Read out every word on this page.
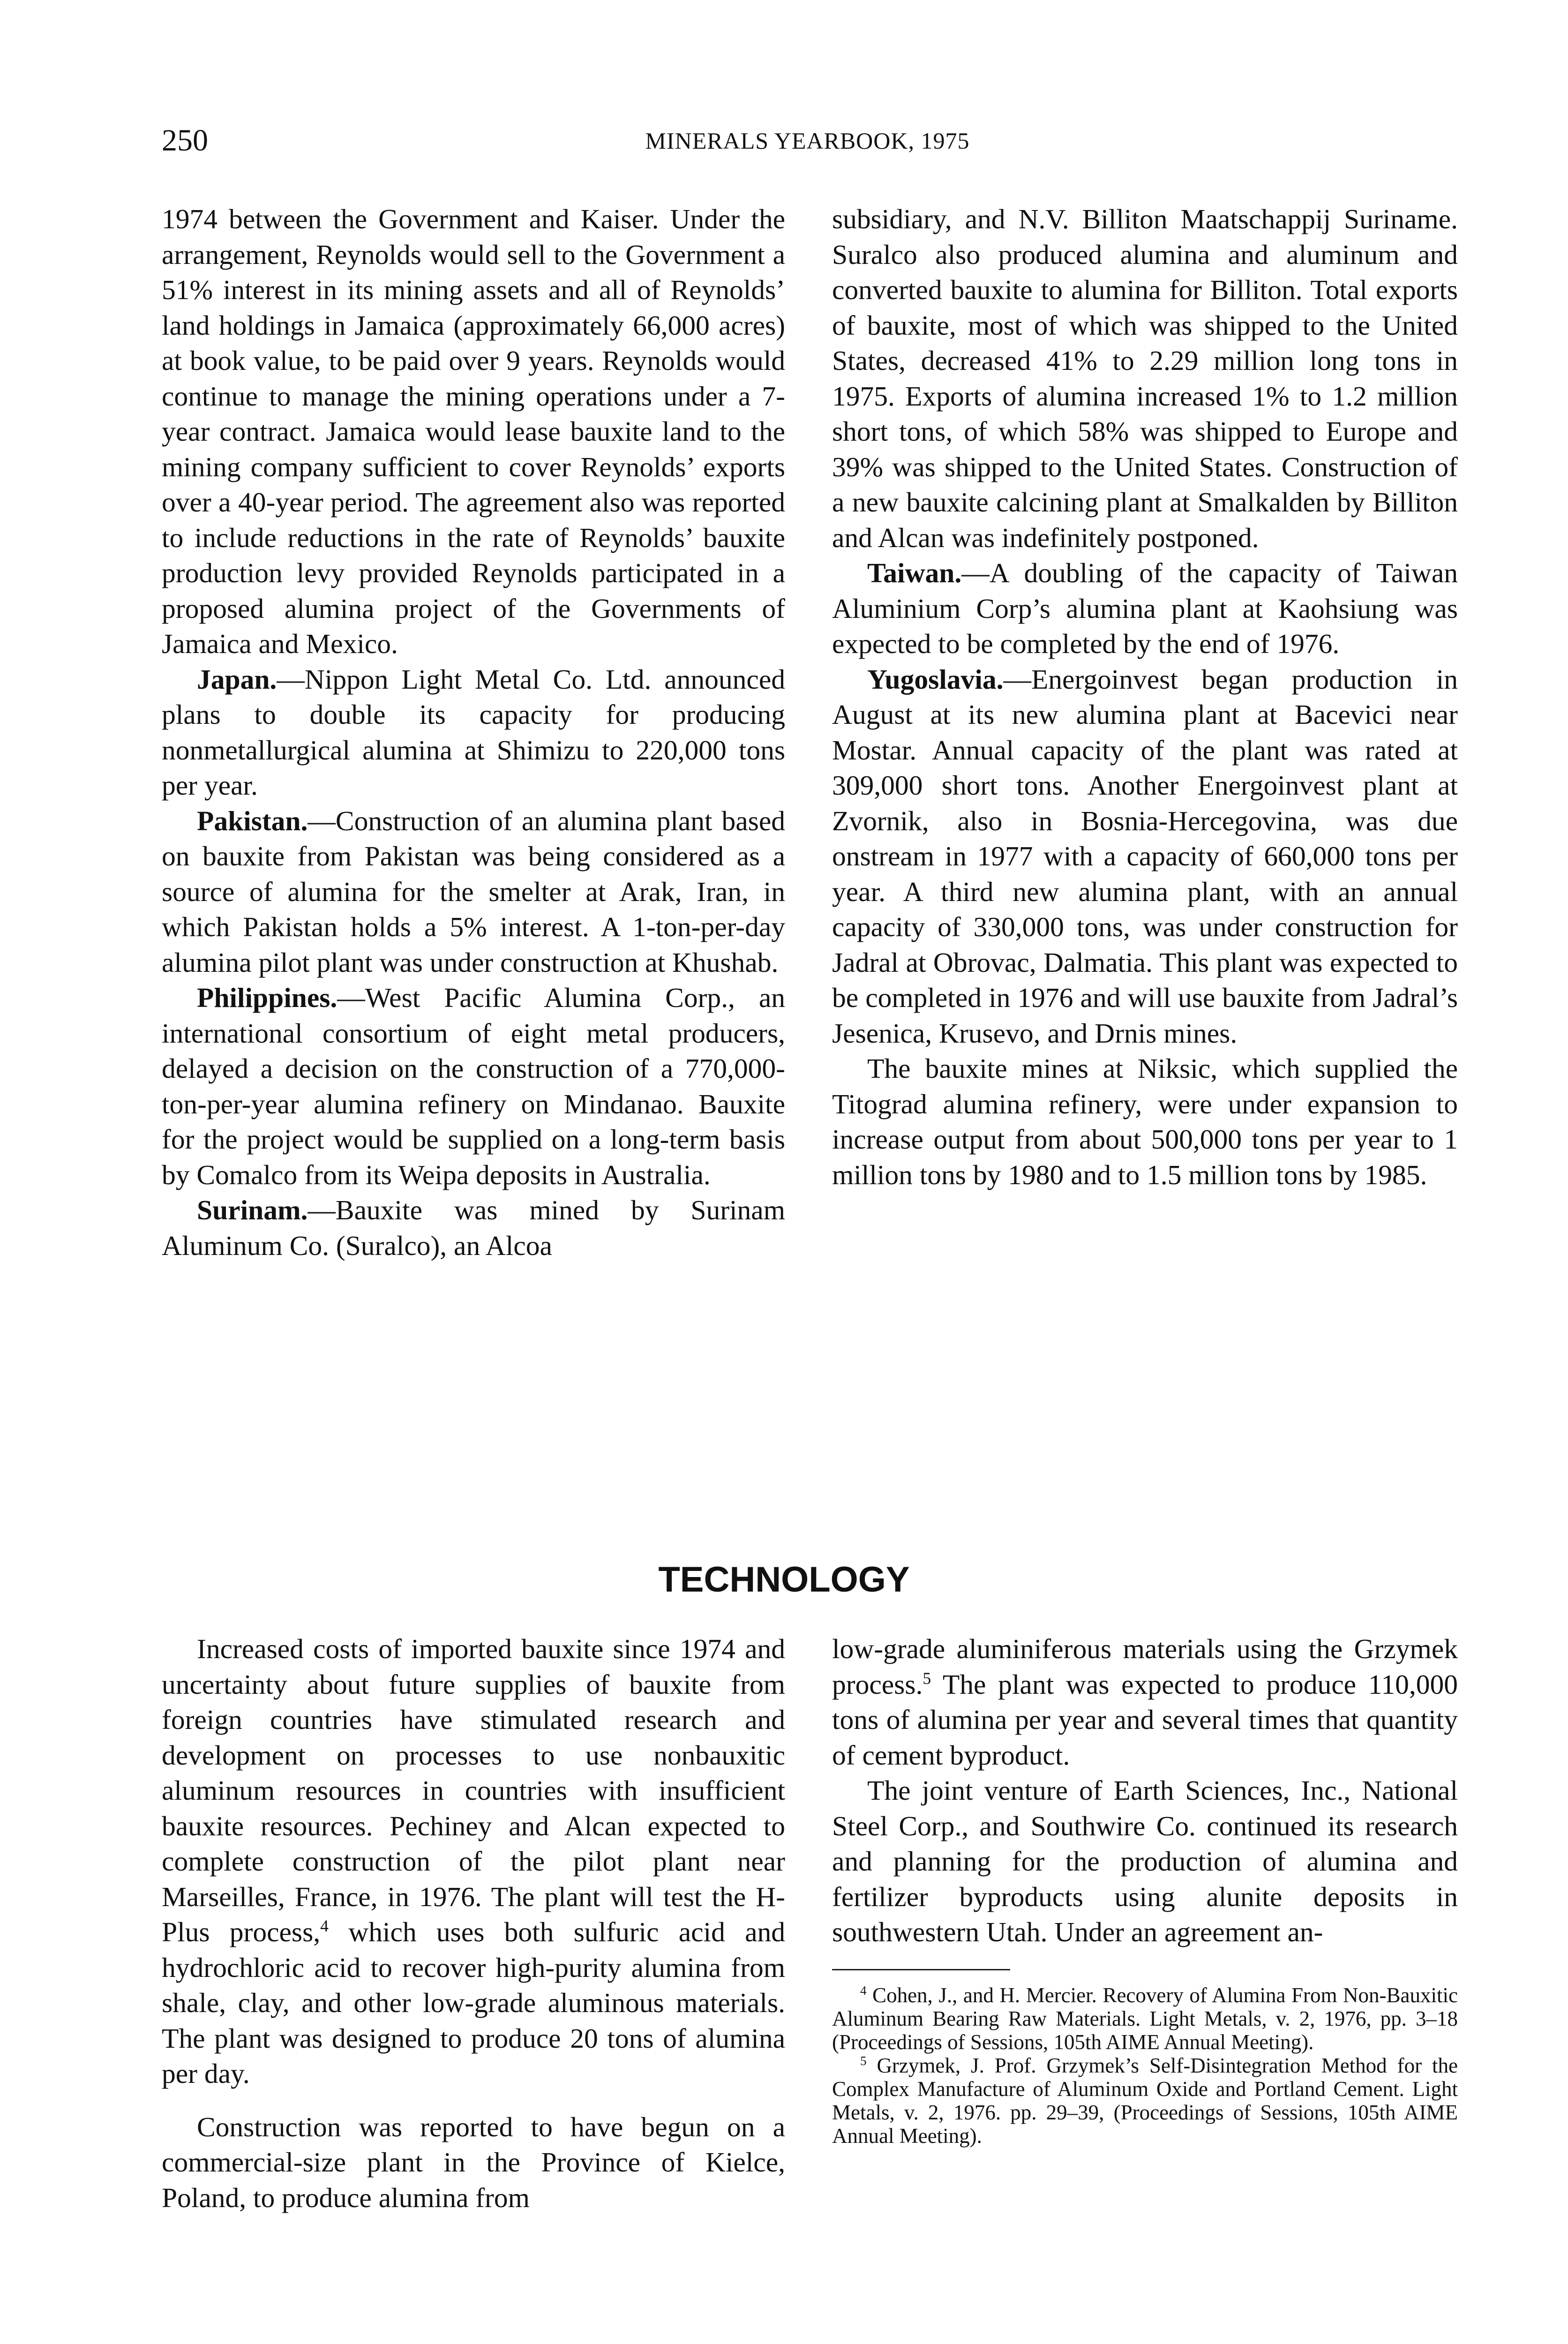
250	MINERALS YEARBOOK, 1975

1974 between the Government and Kaiser. Under the arrangement, Reynolds would sell to the Government a 51% interest in its mining assets and all of Reynolds’ land holdings in Jamaica (approximately 66,000 acres) at book value, to be paid over 9 years. Reynolds would continue to manage the mining operations under a 7-year contract. Jamaica would lease bauxite land to the mining company sufficient to cover Reynolds’ exports over a 40-year period. The agreement also was reported to include reductions in the rate of Reynolds’ bauxite production levy provided Reynolds participated in a proposed alumina project of the Governments of Jamaica and Mexico.

Japan.—Nippon Light Metal Co. Ltd. announced plans to double its capacity for producing nonmetallurgical alumina at Shimizu to 220,000 tons per year.

Pakistan.—Construction of an alumina plant based on bauxite from Pakistan was being considered as a source of alumina for the smelter at Arak, Iran, in which Pakistan holds a 5% interest. A 1-ton-per-day alumina pilot plant was under construction at Khushab.

Philippines.—West Pacific Alumina Corp., an international consortium of eight metal producers, delayed a decision on the construction of a 770,000-ton-per-year alumina refinery on Mindanao. Bauxite for the project would be supplied on a long-term basis by Comalco from its Weipa deposits in Australia.

Surinam.—Bauxite was mined by Surinam Aluminum Co. (Suralco), an Alcoa

subsidiary, and N.V. Billiton Maatschappij Suriname. Suralco also produced alumina and aluminum and converted bauxite to alumina for Billiton. Total exports of bauxite, most of which was shipped to the United States, decreased 41% to 2.29 million long tons in 1975. Exports of alumina increased 1% to 1.2 million short tons, of which 58% was shipped to Europe and 39% was shipped to the United States. Construction of a new bauxite calcining plant at Smalkalden by Billiton and Alcan was indefinitely postponed.

Taiwan.—A doubling of the capacity of Taiwan Aluminium Corp’s alumina plant at Kaohsiung was expected to be completed by the end of 1976.

Yugoslavia.—Energoinvest began production in August at its new alumina plant at Bacevici near Mostar. Annual capacity of the plant was rated at 309,000 short tons. Another Energoinvest plant at Zvornik, also in Bosnia-Hercegovina, was due onstream in 1977 with a capacity of 660,000 tons per year. A third new alumina plant, with an annual capacity of 330,000 tons, was under construction for Jadral at Obrovac, Dalmatia. This plant was expected to be completed in 1976 and will use bauxite from Jadral’s Jesenica, Krusevo, and Drnis mines.

The bauxite mines at Niksic, which supplied the Titograd alumina refinery, were under expansion to increase output from about 500,000 tons per year to 1 million tons by 1980 and to 1.5 million tons by 1985.

TECHNOLOGY

Increased costs of imported bauxite since 1974 and uncertainty about future supplies of bauxite from foreign countries have stimulated research and development on processes to use nonbauxitic aluminum resources in countries with insufficient bauxite resources. Pechiney and Alcan expected to complete construction of the pilot plant near Marseilles, France, in 1976. The plant will test the H-Plus process,$^4$ which uses both sulfuric acid and hydrochloric acid to recover high-purity alumina from shale, clay, and other low-grade aluminous materials. The plant was designed to produce 20 tons of alumina per day.

Construction was reported to have begun on a commercial-size plant in the Province of Kielce, Poland, to produce alumina from

low-grade aluminiferous materials using the Grzymek process.$^5$ The plant was expected to produce 110,000 tons of alumina per year and several times that quantity of cement byproduct.

The joint venture of Earth Sciences, Inc., National Steel Corp., and Southwire Co. continued its research and planning for the production of alumina and fertilizer byproducts using alunite deposits in southwestern Utah. Under an agreement an-

$^4$ Cohen, J., and H. Mercier. Recovery of Alumina From Non-Bauxitic Aluminum Bearing Raw Materials. Light Metals, v. 2, 1976, pp. 3–18 (Proceedings of Sessions, 105th AIME Annual Meeting).

$^5$ Grzymek, J. Prof. Grzymek’s Self-Disintegration Method for the Complex Manufacture of Aluminum Oxide and Portland Cement. Light Metals, v. 2, 1976. pp. 29–39, (Proceedings of Sessions, 105th AIME Annual Meeting).
